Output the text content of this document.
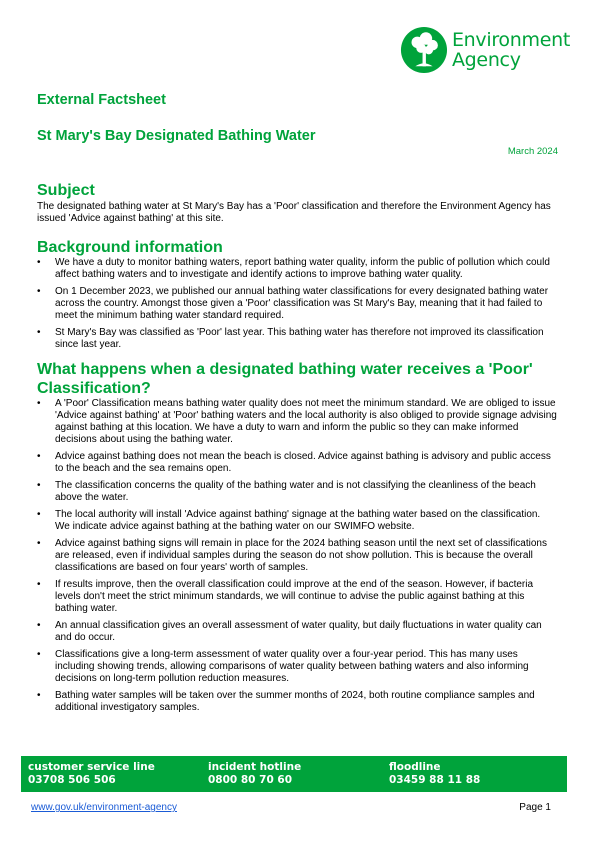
Environment
Agency
External Factsheet
St Mary's Bay Designated Bathing Water
March 2024
Subject

The designated bathing water at St Mary's Bay has a 'Poor' classification and therefore the Environment Agency has issued 'Advice against bathing' at this site.

Background information
• We have a duty to monitor bathing waters, report bathing water quality, inform the public of pollution which could affect bathing waters and to investigate and identify actions to improve bathing water quality.
• On 1 December 2023, we published our annual bathing water classifications for every designated bathing water across the country. Amongst those given a 'Poor' classification was St Mary's Bay, meaning that it had failed to meet the minimum bathing water standard required.
• St Mary's Bay was classified as 'Poor' last year. This bathing water has therefore not improved its classification since last year.
What happens when a designated bathing water receives a 'Poor' Classification?
• A 'Poor' Classification means bathing water quality does not meet the minimum standard. We are obliged to issue 'Advice against bathing' at 'Poor' bathing waters and the local authority is also obliged to provide signage advising against bathing at this location. We have a duty to warn and inform the public so they can make informed decisions about using the bathing water.
• Advice against bathing does not mean the beach is closed. Advice against bathing is advisory and public access to the beach and the sea remains open.
• The classification concerns the quality of the bathing water and is not classifying the cleanliness of the beach above the water.
• The local authority will install 'Advice against bathing' signage at the bathing water based on the classification. We indicate advice against bathing at the bathing water on our SWIMFO website.
• Advice against bathing signs will remain in place for the 2024 bathing season until the next set of classifications are released, even if individual samples during the season do not show pollution. This is because the overall classifications are based on four years' worth of samples.
• If results improve, then the overall classification could improve at the end of the season. However, if bacteria levels don't meet the strict minimum standards, we will continue to advise the public against bathing at this bathing water.
• An annual classification gives an overall assessment of water quality, but daily fluctuations in water quality can and do occur.
• Classifications give a long-term assessment of water quality over a four-year period. This has many uses including showing trends, allowing comparisons of water quality between bathing waters and also informing decisions on long-term pollution reduction measures.
• Bathing water samples will be taken over the summer months of 2024, both routine compliance samples and additional investigatory samples.
customer service line
03708 506 506
incident hotline
0800 80 70 60
floodline
03459 88 11 88
www.gov.uk/environment-agency	Page 1
